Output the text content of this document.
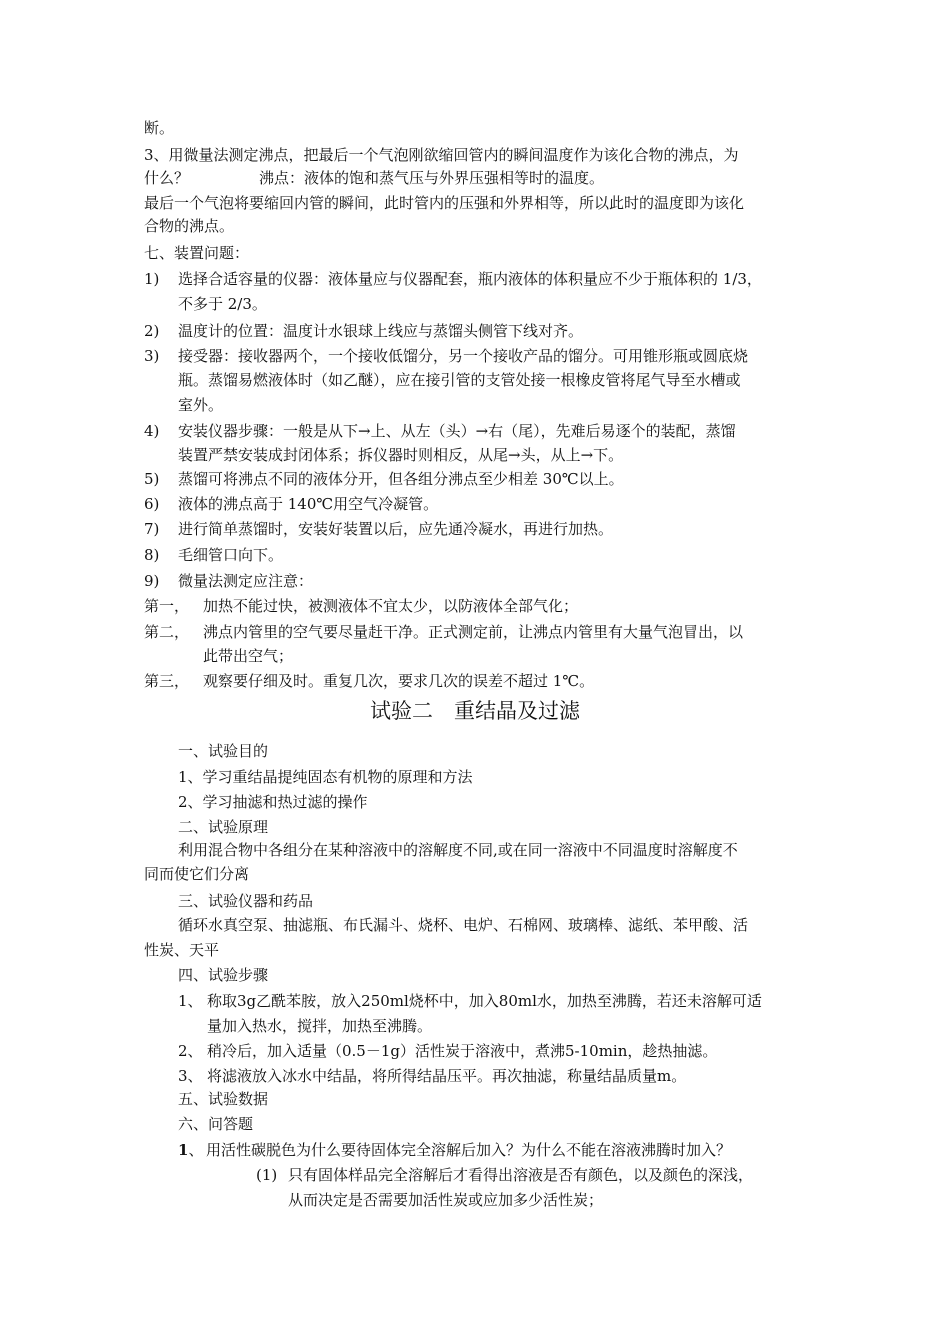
断。
3、用微量法测定沸点，把最后一个气泡刚欲缩回管内的瞬间温度作为该化合物的沸点，为
什么？	沸点：液体的饱和蒸气压与外界压强相等时的温度。
最后一个气泡将要缩回内管的瞬间，此时管内的压强和外界相等，所以此时的温度即为该化
合物的沸点。
七、装置问题：
1) 选择合适容量的仪器：液体量应与仪器配套，瓶内液体的体积量应不少于瓶体积的 1/3，
不多于 2/3。
2) 温度计的位置：温度计水银球上线应与蒸馏头侧管下线对齐。
3) 接受器：接收器两个，一个接收低馏分，另一个接收产品的馏分。可用锥形瓶或圆底烧
瓶。蒸馏易燃液体时（如乙醚），应在接引管的支管处接一根橡皮管将尾气导至水槽或
室外。
4) 安装仪器步骤：一般是从下→上、从左（头）→右（尾），先难后易逐个的装配，蒸馏
装置严禁安装成封闭体系；拆仪器时则相反，从尾→头，从上→下。
5) 蒸馏可将沸点不同的液体分开，但各组分沸点至少相差 30℃以上。
6) 液体的沸点高于 140℃用空气冷凝管。
7) 进行简单蒸馏时，安装好装置以后，应先通冷凝水，再进行加热。
8) 毛细管口向下。
9) 微量法测定应注意：
第一， 加热不能过快，被测液体不宜太少，以防液体全部气化；
第二， 沸点内管里的空气要尽量赶干净。正式测定前，让沸点内管里有大量气泡冒出，以
此带出空气；
第三， 观察要仔细及时。重复几次，要求几次的误差不超过 1℃。
试验二　重结晶及过滤
一、试验目的
1、学习重结晶提纯固态有机物的原理和方法
2、学习抽滤和热过滤的操作
二、试验原理
利用混合物中各组分在某种溶液中的溶解度不同,或在同一溶液中不同温度时溶解度不
同而使它们分离
三、试验仪器和药品
循环水真空泵、抽滤瓶、布氏漏斗、烧杯、电炉、石棉网、玻璃棒、滤纸、苯甲酸、活
性炭、天平
四、试验步骤
1、 称取3g乙酰苯胺，放入250ml烧杯中，加入80ml水，加热至沸腾，若还未溶解可适
量加入热水，搅拌，加热至沸腾。
2、 稍冷后，加入适量（0.5－1g）活性炭于溶液中，煮沸5-10min，趁热抽滤。
3、 将滤液放入冰水中结晶，将所得结晶压平。再次抽滤，称量结晶质量m。
五、试验数据
六、问答题
1、 用活性碳脱色为什么要待固体完全溶解后加入？为什么不能在溶液沸腾时加入？
(1) 只有固体样品完全溶解后才看得出溶液是否有颜色，以及颜色的深浅，
从而决定是否需要加活性炭或应加多少活性炭；
